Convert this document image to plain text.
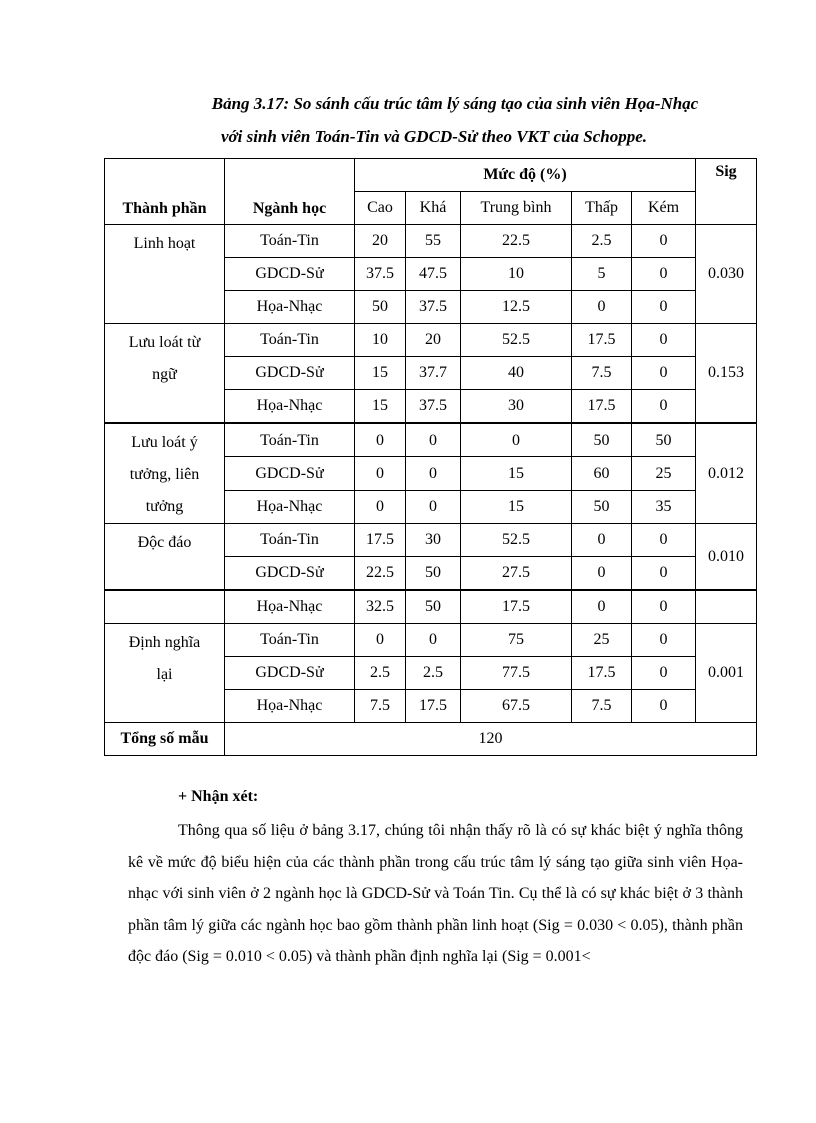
Bảng 3.17: So sánh cấu trúc tâm lý sáng tạo của sinh viên Họa-Nhạc
với sinh viên Toán-Tin và GDCD-Sử theo VKT của Schoppe.
Thành phần	Ngành học	Mức độ (%)					Sig
		Cao	Khá	Trung bình	Thấp	Kém	
Linh hoạt	Toán-Tin	20	55	22.5	2.5	0	0.030
	GDCD-Sử	37.5	47.5	10	5	0	
	Họa-Nhạc	50	37.5	12.5	0	0	
Lưu loát từ
ngữ	Toán-Tin	10	20	52.5	17.5	0	0.153
	GDCD-Sử	15	37.7	40	7.5	0	
	Họa-Nhạc	15	37.5	30	17.5	0	
Lưu loát ý
tưởng, liên
tưởng	Toán-Tin	0	0	0	50	50	0.012
	GDCD-Sử	0	0	15	60	25	
	Họa-Nhạc	0	0	15	50	35	
Độc đáo	Toán-Tin	17.5	30	52.5	0	0	0.010
	GDCD-Sử	22.5	50	27.5	0	0	
	Họa-Nhạc	32.5	50	17.5	0	0	
Định nghĩa
lại	Toán-Tin	0	0	75	25	0	0.001
	GDCD-Sử	2.5	2.5	77.5	17.5	0	
	Họa-Nhạc	7.5	17.5	67.5	7.5	0	
Tổng số mẫu	120						
+ Nhận xét:
Thông qua số liệu ở bảng 3.17, chúng tôi nhận thấy rõ là có sự khác biệt ý nghĩa thông kê về mức độ biểu hiện của các thành phần trong cấu trúc tâm lý sáng tạo giữa sinh viên Họa-nhạc với sinh viên ở 2 ngành học là GDCD-Sử và Toán Tin. Cụ thể là có sự khác biệt ở 3 thành phần tâm lý giữa các ngành học bao gồm thành phần linh hoạt (Sig = 0.030 < 0.05), thành phần độc đáo (Sig = 0.010 < 0.05) và thành phần định nghĩa lại (Sig = 0.001<
